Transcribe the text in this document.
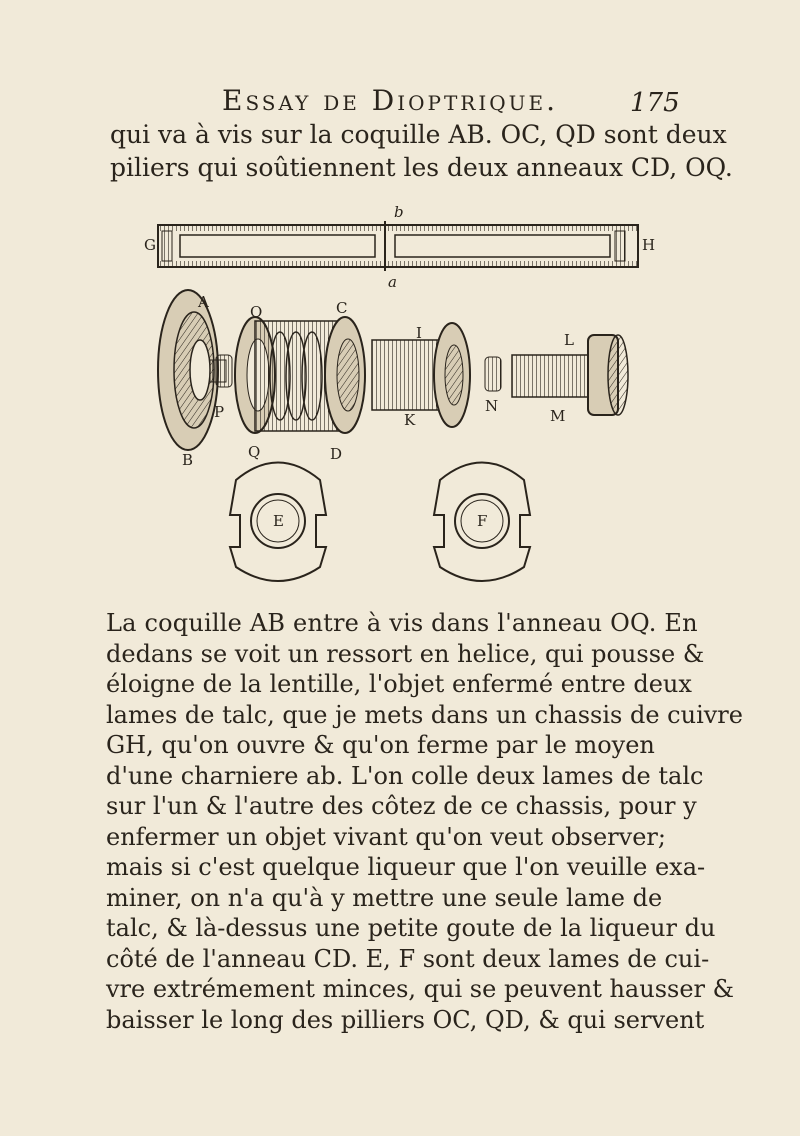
Essay de Dioptrique.	175
qui va à vis sur la coquille AB. OC, QD sont deux
piliers qui soûtiennent les deux anneaux CD, OQ.
G	H
b
a
A
O	C
I	L
P	K
N
M
B	Q	D
E	F
La coquille AB entre à vis dans l'anneau OQ. En
dedans se voit un ressort en helice, qui pousse &
éloigne de la lentille, l'objet enfermé entre deux
lames de talc, que je mets dans un chassis de cuivre
GH, qu'on ouvre & qu'on ferme par le moyen
d'une charniere ab. L'on colle deux lames de talc
sur l'un & l'autre des côtez de ce chassis, pour y
enfermer un objet vivant qu'on veut observer;
mais si c'est quelque liqueur que l'on veuille exa-
miner, on n'a qu'à y mettre une seule lame de
talc, & là-dessus une petite goute de la liqueur du
côté de l'anneau CD. E, F sont deux lames de cui-
vre extrémement minces, qui se peuvent hausser &
baisser le long des pilliers OC, QD, & qui servent
